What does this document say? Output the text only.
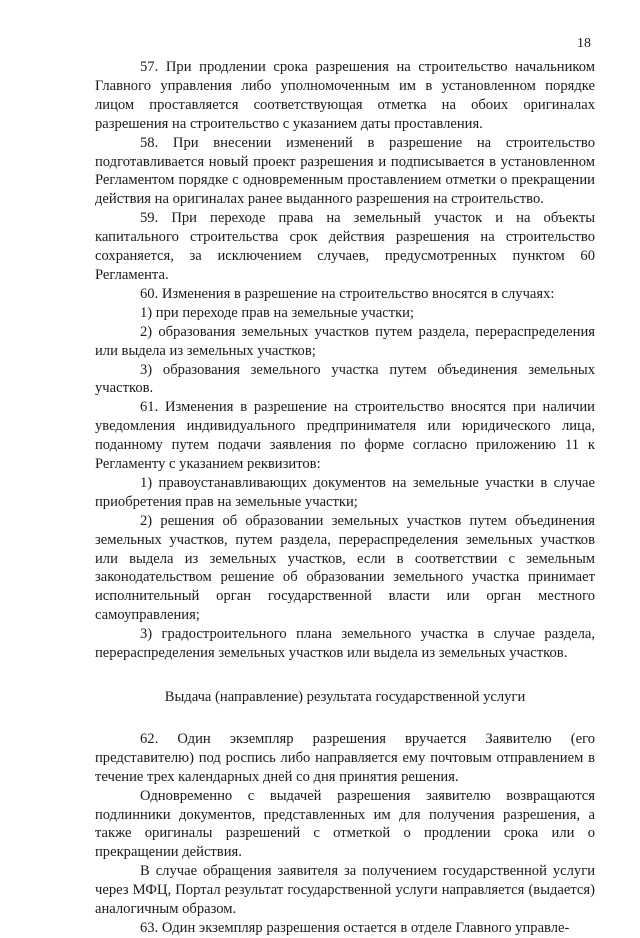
18

57. При продлении срока разрешения на строительство начальником Главного управления либо уполномоченным им в установленном порядке лицом проставляется соответствующая отметка на обоих оригиналах разрешения на строительство с указанием даты проставления.

58. При внесении изменений в разрешение на строительство подготавливается новый проект разрешения и подписывается в установленном Регламентом порядке с одновременным проставлением отметки о прекращении действия на оригиналах ранее выданного разрешения на строительство.

59. При переходе права на земельный участок и на объекты капитального строительства срок действия разрешения на строительство сохраняется, за исключением случаев, предусмотренных пунктом 60 Регламента.

60. Изменения в разрешение на строительство вносятся в случаях:

1) при переходе прав на земельные участки;

2) образования земельных участков путем раздела, перераспределения или выдела из земельных участков;

3) образования земельного участка путем объединения земельных участков.

61. Изменения в разрешение на строительство вносятся при наличии уведомления индивидуального предпринимателя или юридического лица, поданному путем подачи заявления по форме согласно приложению 11 к Регламенту с указанием реквизитов:

1) правоустанавливающих документов на земельные участки в случае приобретения прав на земельные участки;

2) решения об образовании земельных участков путем объединения земельных участков, путем раздела, перераспределения земельных участков или выдела из земельных участков, если в соответствии с земельным законодательством решение об образовании земельного участка принимает исполнительный орган государственной власти или орган местного самоуправления;

3) градостроительного плана земельного участка в случае раздела, перераспределения земельных участков или выдела из земельных участков.

Выдача (направление) результата государственной услуги

62. Один экземпляр разрешения вручается Заявителю (его представителю) под роспись либо направляется ему почтовым отправлением в течение трех календарных дней со дня принятия решения.

Одновременно с выдачей разрешения заявителю возвращаются подлинники документов, представленных им для получения разрешения, а также оригиналы разрешений с отметкой о продлении срока или о прекращении действия.

В случае обращения заявителя за получением государственной услуги через МФЦ, Портал результат государственной услуги направляется (выдается) аналогичным образом.

63. Один экземпляр разрешения остается в отделе Главного управле-
